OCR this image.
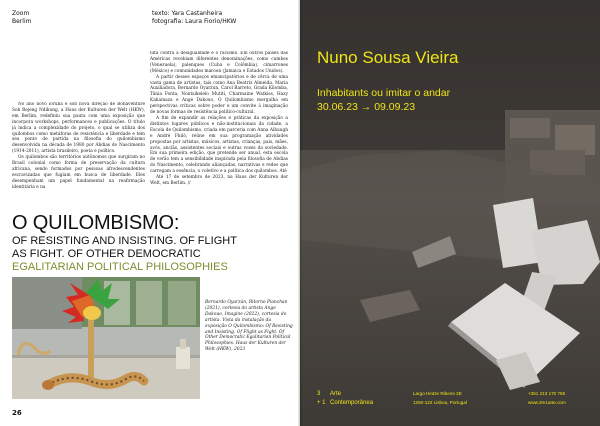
Zoom
Berlim
texto: Yara Castanheira
fotografia: Laura Fiorio/HKW

No ano novo iorubá e sob nova direção de Bonaventure Soh Bejeng Ndikung, a Haus der Kulturen der Welt (HKW), em Berlim, redefiniu sua pauta com uma exposição que incorpora workshops, performances e publicações. O título já indica a complexidade do projeto, o qual se utiliza dos quilombos como metáforas de resistência e liberdade e tem seu ponto de partida na filosofia do quilombismo desenvolvida na década de 1980 por Abdias do Nascimento (1914-2011), artista brasileiro, poeta e político.

Os quilombos são territórios autônomos que surgiram no Brasil colonial como forma de preservação da cultura africana, sendo formados por pessoas afrodescendentes escravizadas que fugiam em busca de liberdade. Eles desempenham um papel fundamental na reafirmação identitária e na

luta contra a desigualdade e o racismo. Em outros países das Américas recebiam diferentes denominações, como cumbes (Venezuela), palenques (Cuba e Colômbia), cimarrones (México) e comunidades maroon (Jamaica e Estados Unidos).

A partir desses espaços emancipatórios e de cêrca de uma vasta gama de artistas, tais como Ana Beatriz Almeida, Maria Auxiliadora, Bernardo Oyarzun, Carol Barreto, Grada Kilomba, Tânia Fonta, Nontsikelelo Mutiti, Charmaine Watkiss, Hazy Kahamaza e Ange Dakouo, O Quilombismo mergulha em perspectivas críticas sobre poder e um convite à imaginação de novas formas de resistência político-cultural.

A fim de expandir as relações e práticas da exposição a distintos lugares públicos e não-institucionais da cidade, a Escola de Quilombismo, criada em parceria com Anna Albaugh e André Fhiló, reúne em sua programação atividades propostas por artistas, músicos, artistas, crianças, pais, mães, avós, anciãs, assistentes sociais e outras vozes da sociedade. Em sua primeira edição, que pretende ser anual, esta escola de verão tem a sensibilidade inspirada pela filosofia de Abdias do Nascimento, celebrando aliançadas, narrativas e redes que carregam a essência, o coletivo e a política dos quilombos. Até

Até 17 de setembro de 2023, na Haus der Kulturen der Welt, em Berlim. //

O QUILOMBISMO:
OF RESISTING AND INSISTING. OF FLIGHT
AS FIGHT. OF OTHER DEMOCRATIC
EGALITARIAN POLITICAL PHILOSOPHIES
Bernardo Oyarzún, Ritorno Pianchan (2021), cortesia do artista Ange Dakouo, Imagine (2022), cortesia do artista. Vista da instalação da exposição O Quilombismo: Of Resisting and Insisting. Of Flight as Fight. Of Other Democratic Egalitarian Political Philosophies. Haus der Kulturen der Welt (HKW), 2023
26
Nuno Sousa Vieira
Inhabitants ou imitar o andar
30.06.23 → 09.09.23
3
+ 1
Arte
Contemporânea
Largo Hintze Ribeiro 2E
1250-122 Lisboa, Portugal
+351 213 170 765
www.3m1arte.com
